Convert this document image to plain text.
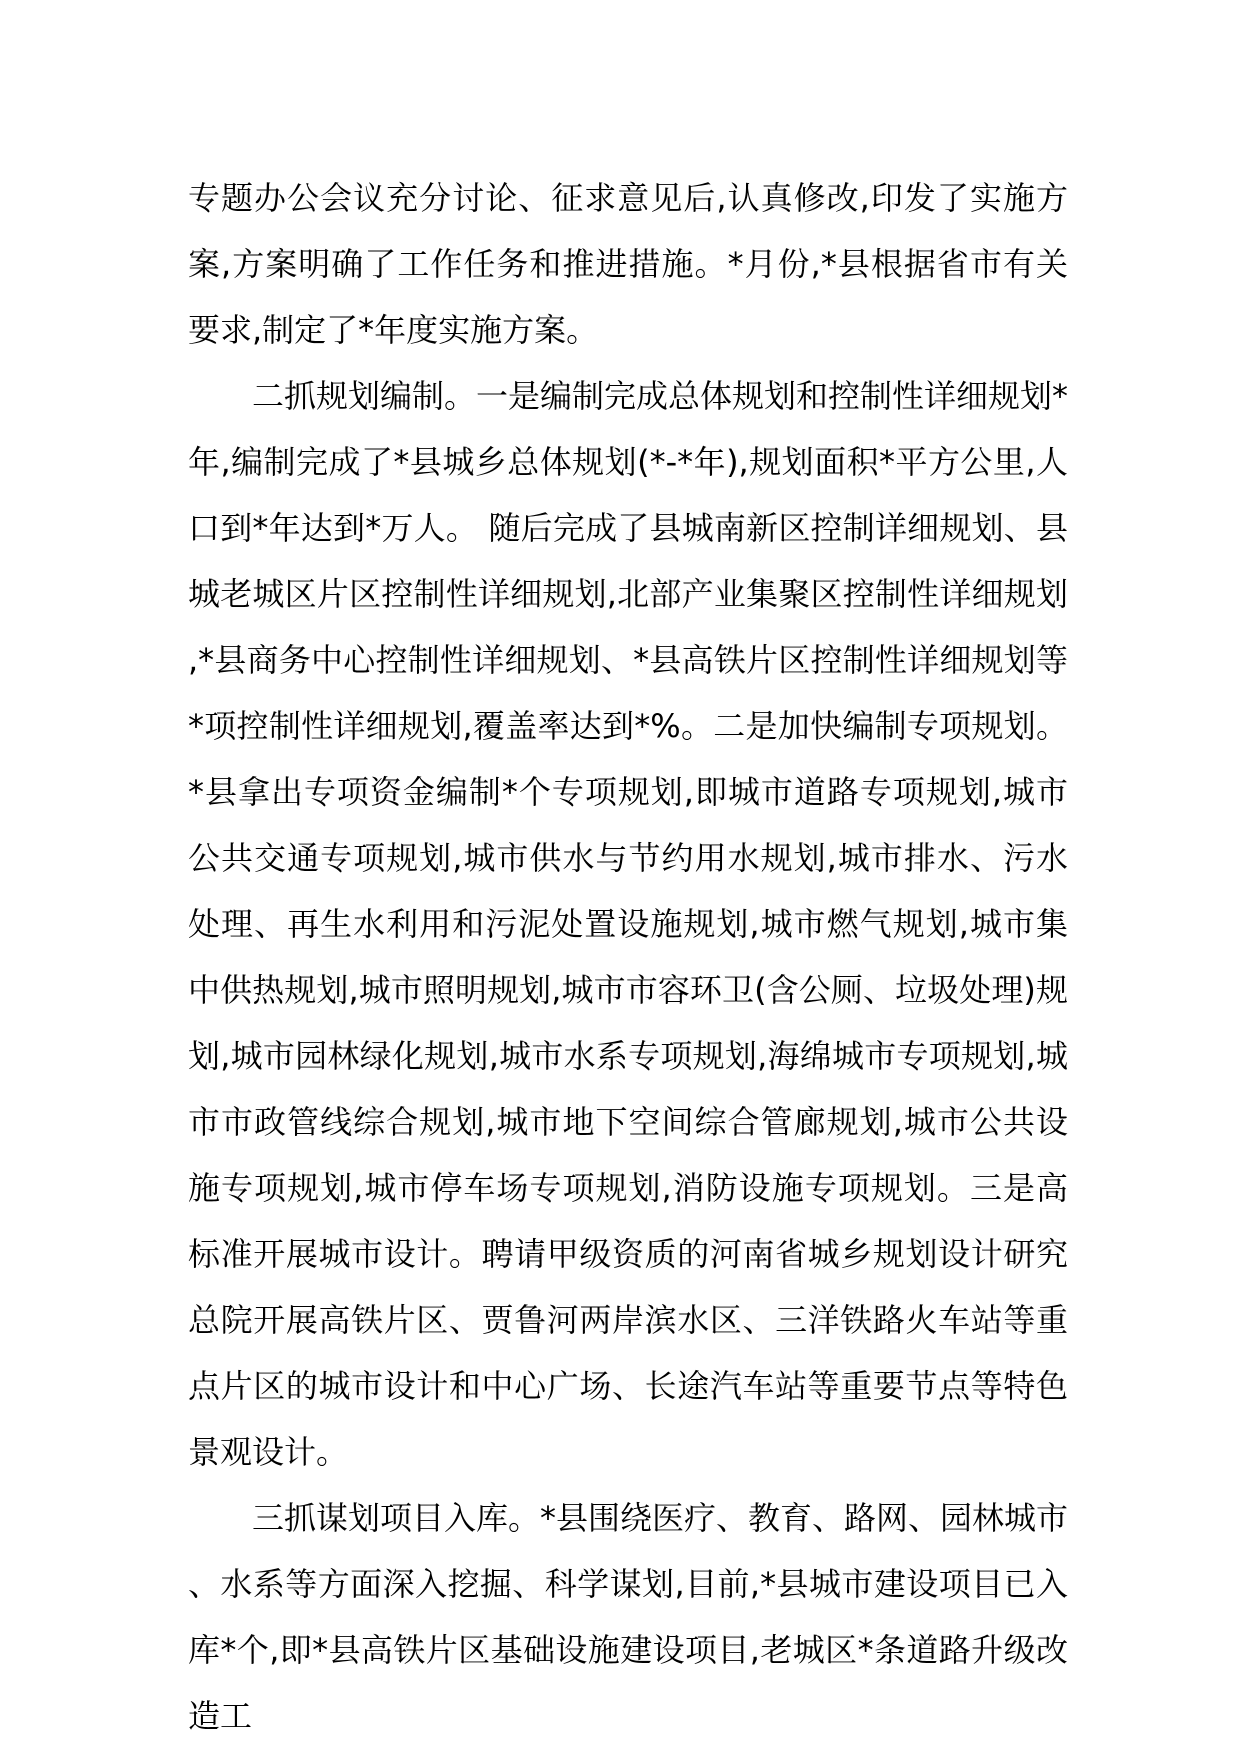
专题办公会议充分讨论、征求意见后,认真修改,印发了实施方案,方案明确了工作任务和推进措施。*月份,*县根据省市有关要求,制定了*年度实施方案。

二抓规划编制。一是编制完成总体规划和控制性详细规划*年,编制完成了*县城乡总体规划(*-*年),规划面积*平方公里,人口到*年达到*万人。 随后完成了县城南新区控制详细规划、县城老城区片区控制性详细规划,北部产业集聚区控制性详细规划,*县商务中心控制性详细规划、*县高铁片区控制性详细规划等*项控制性详细规划,覆盖率达到*%。二是加快编制专项规划。*县拿出专项资金编制*个专项规划,即城市道路专项规划,城市公共交通专项规划,城市供水与节约用水规划,城市排水、污水处理、再生水利用和污泥处置设施规划,城市燃气规划,城市集中供热规划,城市照明规划,城市市容环卫(含公厕、垃圾处理)规划,城市园林绿化规划,城市水系专项规划,海绵城市专项规划,城市市政管线综合规划,城市地下空间综合管廊规划,城市公共设施专项规划,城市停车场专项规划,消防设施专项规划。三是高标准开展城市设计。聘请甲级资质的河南省城乡规划设计研究总院开展高铁片区、贾鲁河两岸滨水区、三洋铁路火车站等重点片区的城市设计和中心广场、长途汽车站等重要节点等特色景观设计。

三抓谋划项目入库。*县围绕医疗、教育、路网、园林城市、水系等方面深入挖掘、科学谋划,目前,*县城市建设项目已入库*个,即*县高铁片区基础设施建设项目,老城区*条道路升级改造工
